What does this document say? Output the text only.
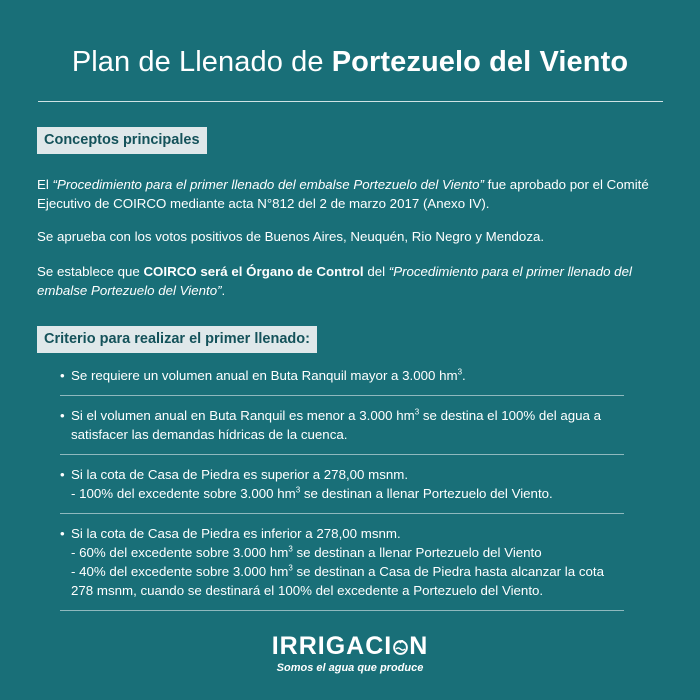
Plan de Llenado de Portezuelo del Viento
Conceptos principales
El “Procedimiento para el primer llenado del embalse Portezuelo del Viento” fue aprobado por el Comité Ejecutivo de COIRCO mediante acta N°812 del 2 de marzo 2017 (Anexo IV).
Se aprueba con los votos positivos de Buenos Aires, Neuquén, Rio Negro y Mendoza.
Se establece que COIRCO será el Órgano de Control del “Procedimiento para el primer llenado del embalse Portezuelo del Viento”.
Criterio para realizar el primer llenado:
• Se requiere un volumen anual en Buta Ranquil mayor a 3.000 $hm^3$.
• Si el volumen anual en Buta Ranquil es menor a 3.000 $hm^3$ se destina el 100% del agua a
satisfacer las demandas hídricas de la cuenca.
• Si la cota de Casa de Piedra es superior a 278,00 msnm.
- 100% del excedente sobre 3.000 $hm^3$ se destinan a llenar Portezuelo del Viento.
• Si la cota de Casa de Piedra es inferior a 278,00 msnm.
- 60% del excedente sobre 3.000 $hm^3$ se destinan a llenar Portezuelo del Viento
- 40% del excedente sobre 3.000 $hm^3$ se destinan a Casa de Piedra hasta alcanzar la cota
278 msnm, cuando se destinará el 100% del excedente a Portezuelo del Viento.
IRRIGACI N
Somos el agua que produce
